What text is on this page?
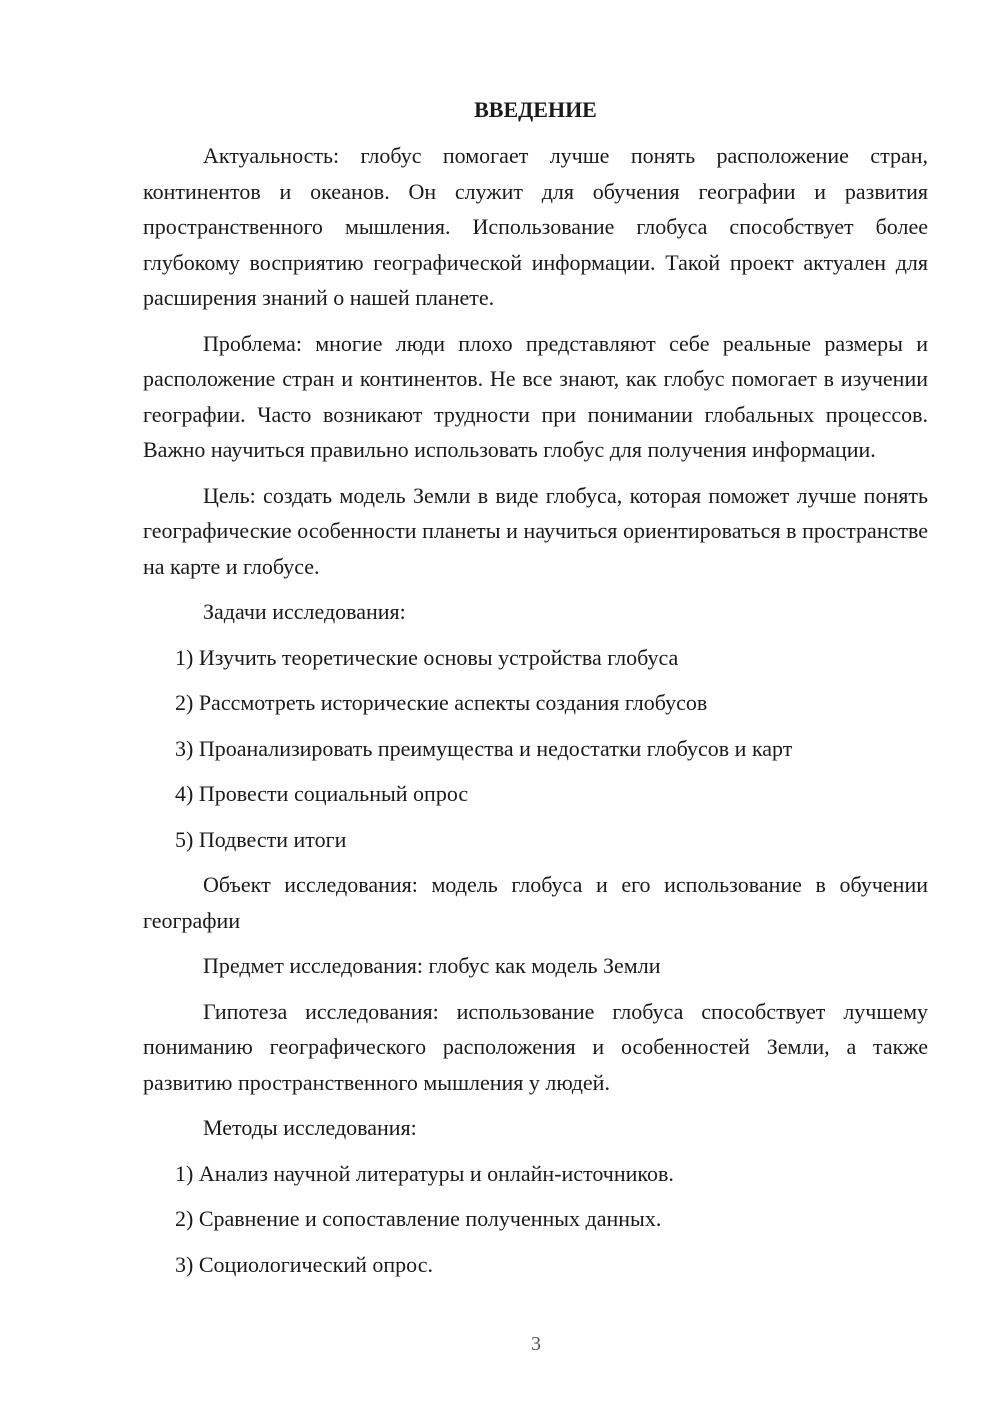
ВВЕДЕНИЕ

Актуальность: глобус помогает лучше понять расположение стран, континентов и океанов. Он служит для обучения географии и развития пространственного мышления. Использование глобуса способствует более глубокому восприятию географической информации. Такой проект актуален для расширения знаний о нашей планете.

Проблема: многие люди плохо представляют себе реальные размеры и расположение стран и континентов. Не все знают, как глобус помогает в изучении географии. Часто возникают трудности при понимании глобальных процессов. Важно научиться правильно использовать глобус для получения информации.

Цель: создать модель Земли в виде глобуса, которая поможет лучше понять географические особенности планеты и научиться ориентироваться в пространстве на карте и глобусе.

Задачи исследования:

1) Изучить теоретические основы устройства глобуса
2) Рассмотреть исторические аспекты создания глобусов
3) Проанализировать преимущества и недостатки глобусов и карт
4) Провести социальный опрос
5) Подвести итоги

Объект исследования: модель глобуса и его использование в обучении географии

Предмет исследования: глобус как модель Земли

Гипотеза исследования: использование глобуса способствует лучшему пониманию географического расположения и особенностей Земли, а также развитию пространственного мышления у людей.

Методы исследования:

1) Анализ научной литературы и онлайн-источников.
2) Сравнение и сопоставление полученных данных.
3) Социологический опрос.
3
